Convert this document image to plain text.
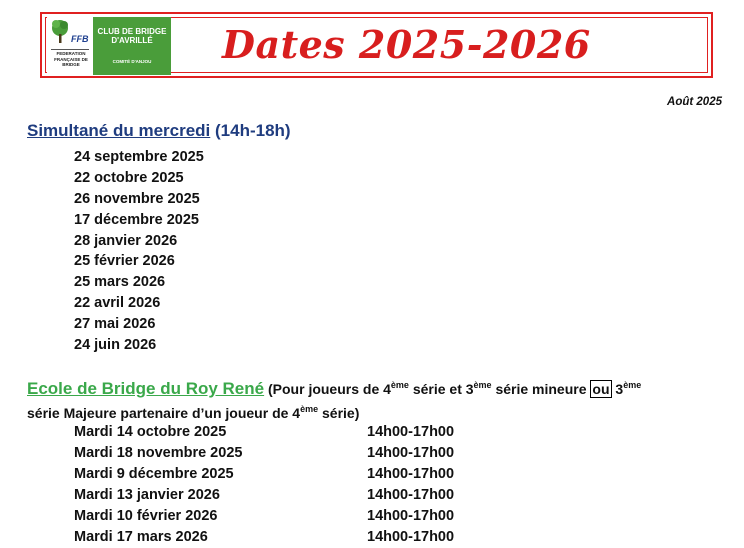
FFB
FEDERATION FRANÇAISE DE BRIDGE
CLUB DE BRIDGE D'AVRILLÉ
COMITÉ D'ANJOU	Dates 2025-2026
Août 2025
Simultané du mercredi (14h-18h)
24 septembre 2025
22 octobre 2025
26 novembre 2025
17 décembre 2025
28 janvier 2026
25 février 2026
25 mars 2026
22 avril 2026
27 mai 2026
24 juin 2026
Ecole de Bridge du Roy René (Pour joueurs de 4ème série et 3ème série mineure ou 3ème
série Majeure partenaire d’un joueur de 4ème série)
Mardi 14 octobre 2025	14h00-17h00
Mardi 18 novembre 2025	14h00-17h00
Mardi 9 décembre 2025	14h00-17h00
Mardi 13 janvier 2026	14h00-17h00
Mardi 10 février 2026	14h00-17h00
Mardi 17 mars 2026	14h00-17h00
